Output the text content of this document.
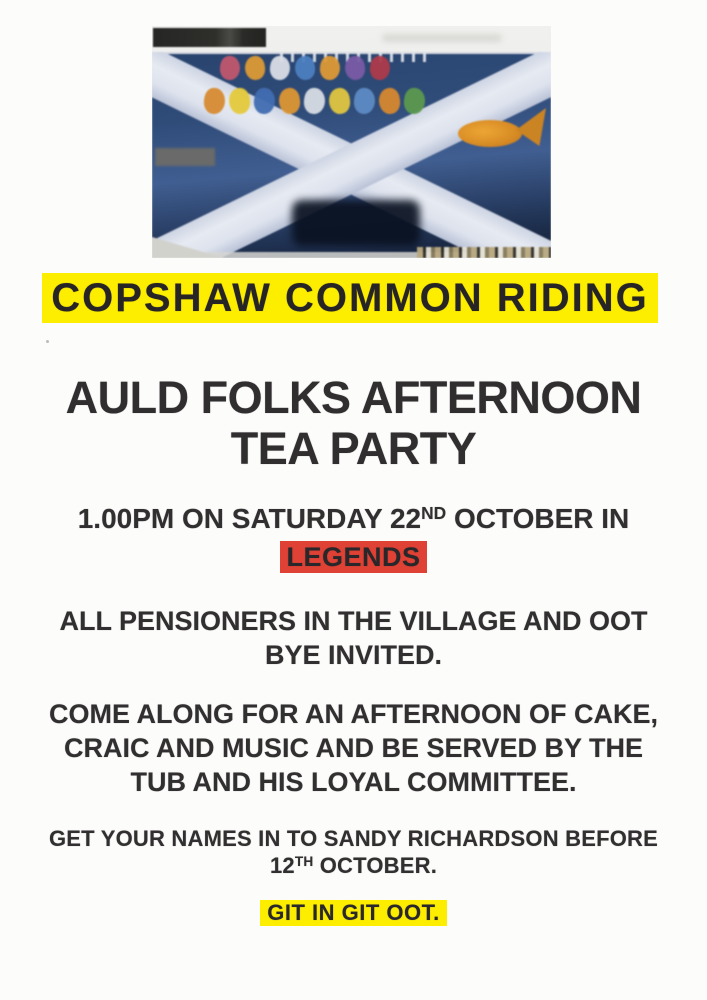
COPSHAW COMMON RIDING
AULD FOLKS AFTERNOON
TEA PARTY

1.00PM ON SATURDAY 22ND OCTOBER IN

LEGENDS

ALL PENSIONERS IN THE VILLAGE AND OOT
BYE INVITED.

COME ALONG FOR AN AFTERNOON OF CAKE,
CRAIC AND MUSIC AND BE SERVED BY THE
TUB AND HIS LOYAL COMMITTEE.

GET YOUR NAMES IN TO SANDY RICHARDSON BEFORE
12TH OCTOBER.

GIT IN GIT OOT.
